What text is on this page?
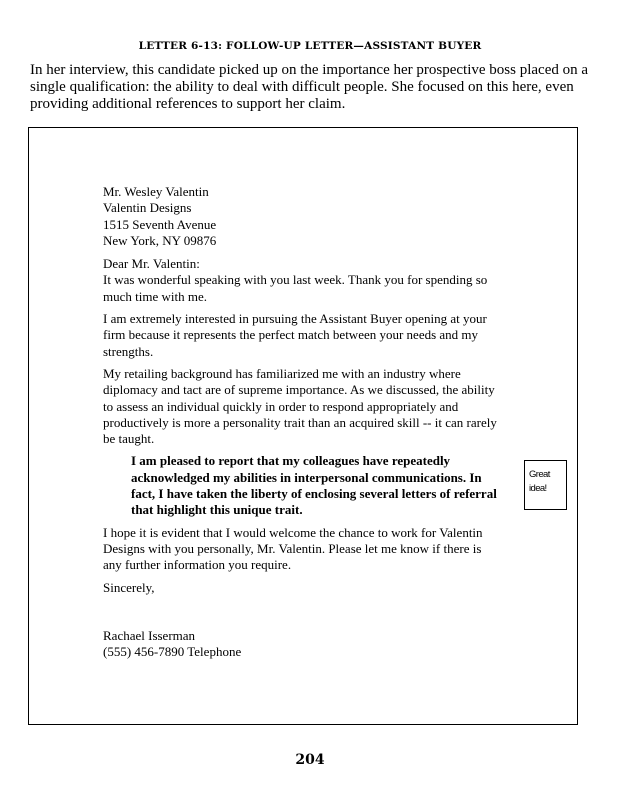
LETTER 6-13: FOLLOW-UP LETTER—ASSISTANT BUYER
In her interview, this candidate picked up on the importance her prospective boss placed on a single qualification: the ability to deal with difficult people. She focused on this here, even providing additional references to support her claim.
Mr. Wesley Valentin
Valentin Designs
1515 Seventh Avenue
New York, NY 09876

Dear Mr. Valentin:

It was wonderful speaking with you last week. Thank you for spending so much time with me.

I am extremely interested in pursuing the Assistant Buyer opening at your firm because it represents the perfect match between your needs and my strengths.

My retailing background has familiarized me with an industry where diplomacy and tact are of supreme importance. As we discussed, the ability to assess an individual quickly in order to respond appropriately and productively is more a personality trait than an acquired skill -- it can rarely be taught.

I am pleased to report that my colleagues have repeatedly acknowledged my abilities in interpersonal communications. In fact, I have taken the liberty of enclosing several letters of referral that highlight this unique trait.

I hope it is evident that I would welcome the chance to work for Valentin Designs with you personally, Mr. Valentin. Please let me know if there is any further information you require.

Sincerely,

Rachael Isserman
(555) 456-7890 Telephone
Great
idea!
204
